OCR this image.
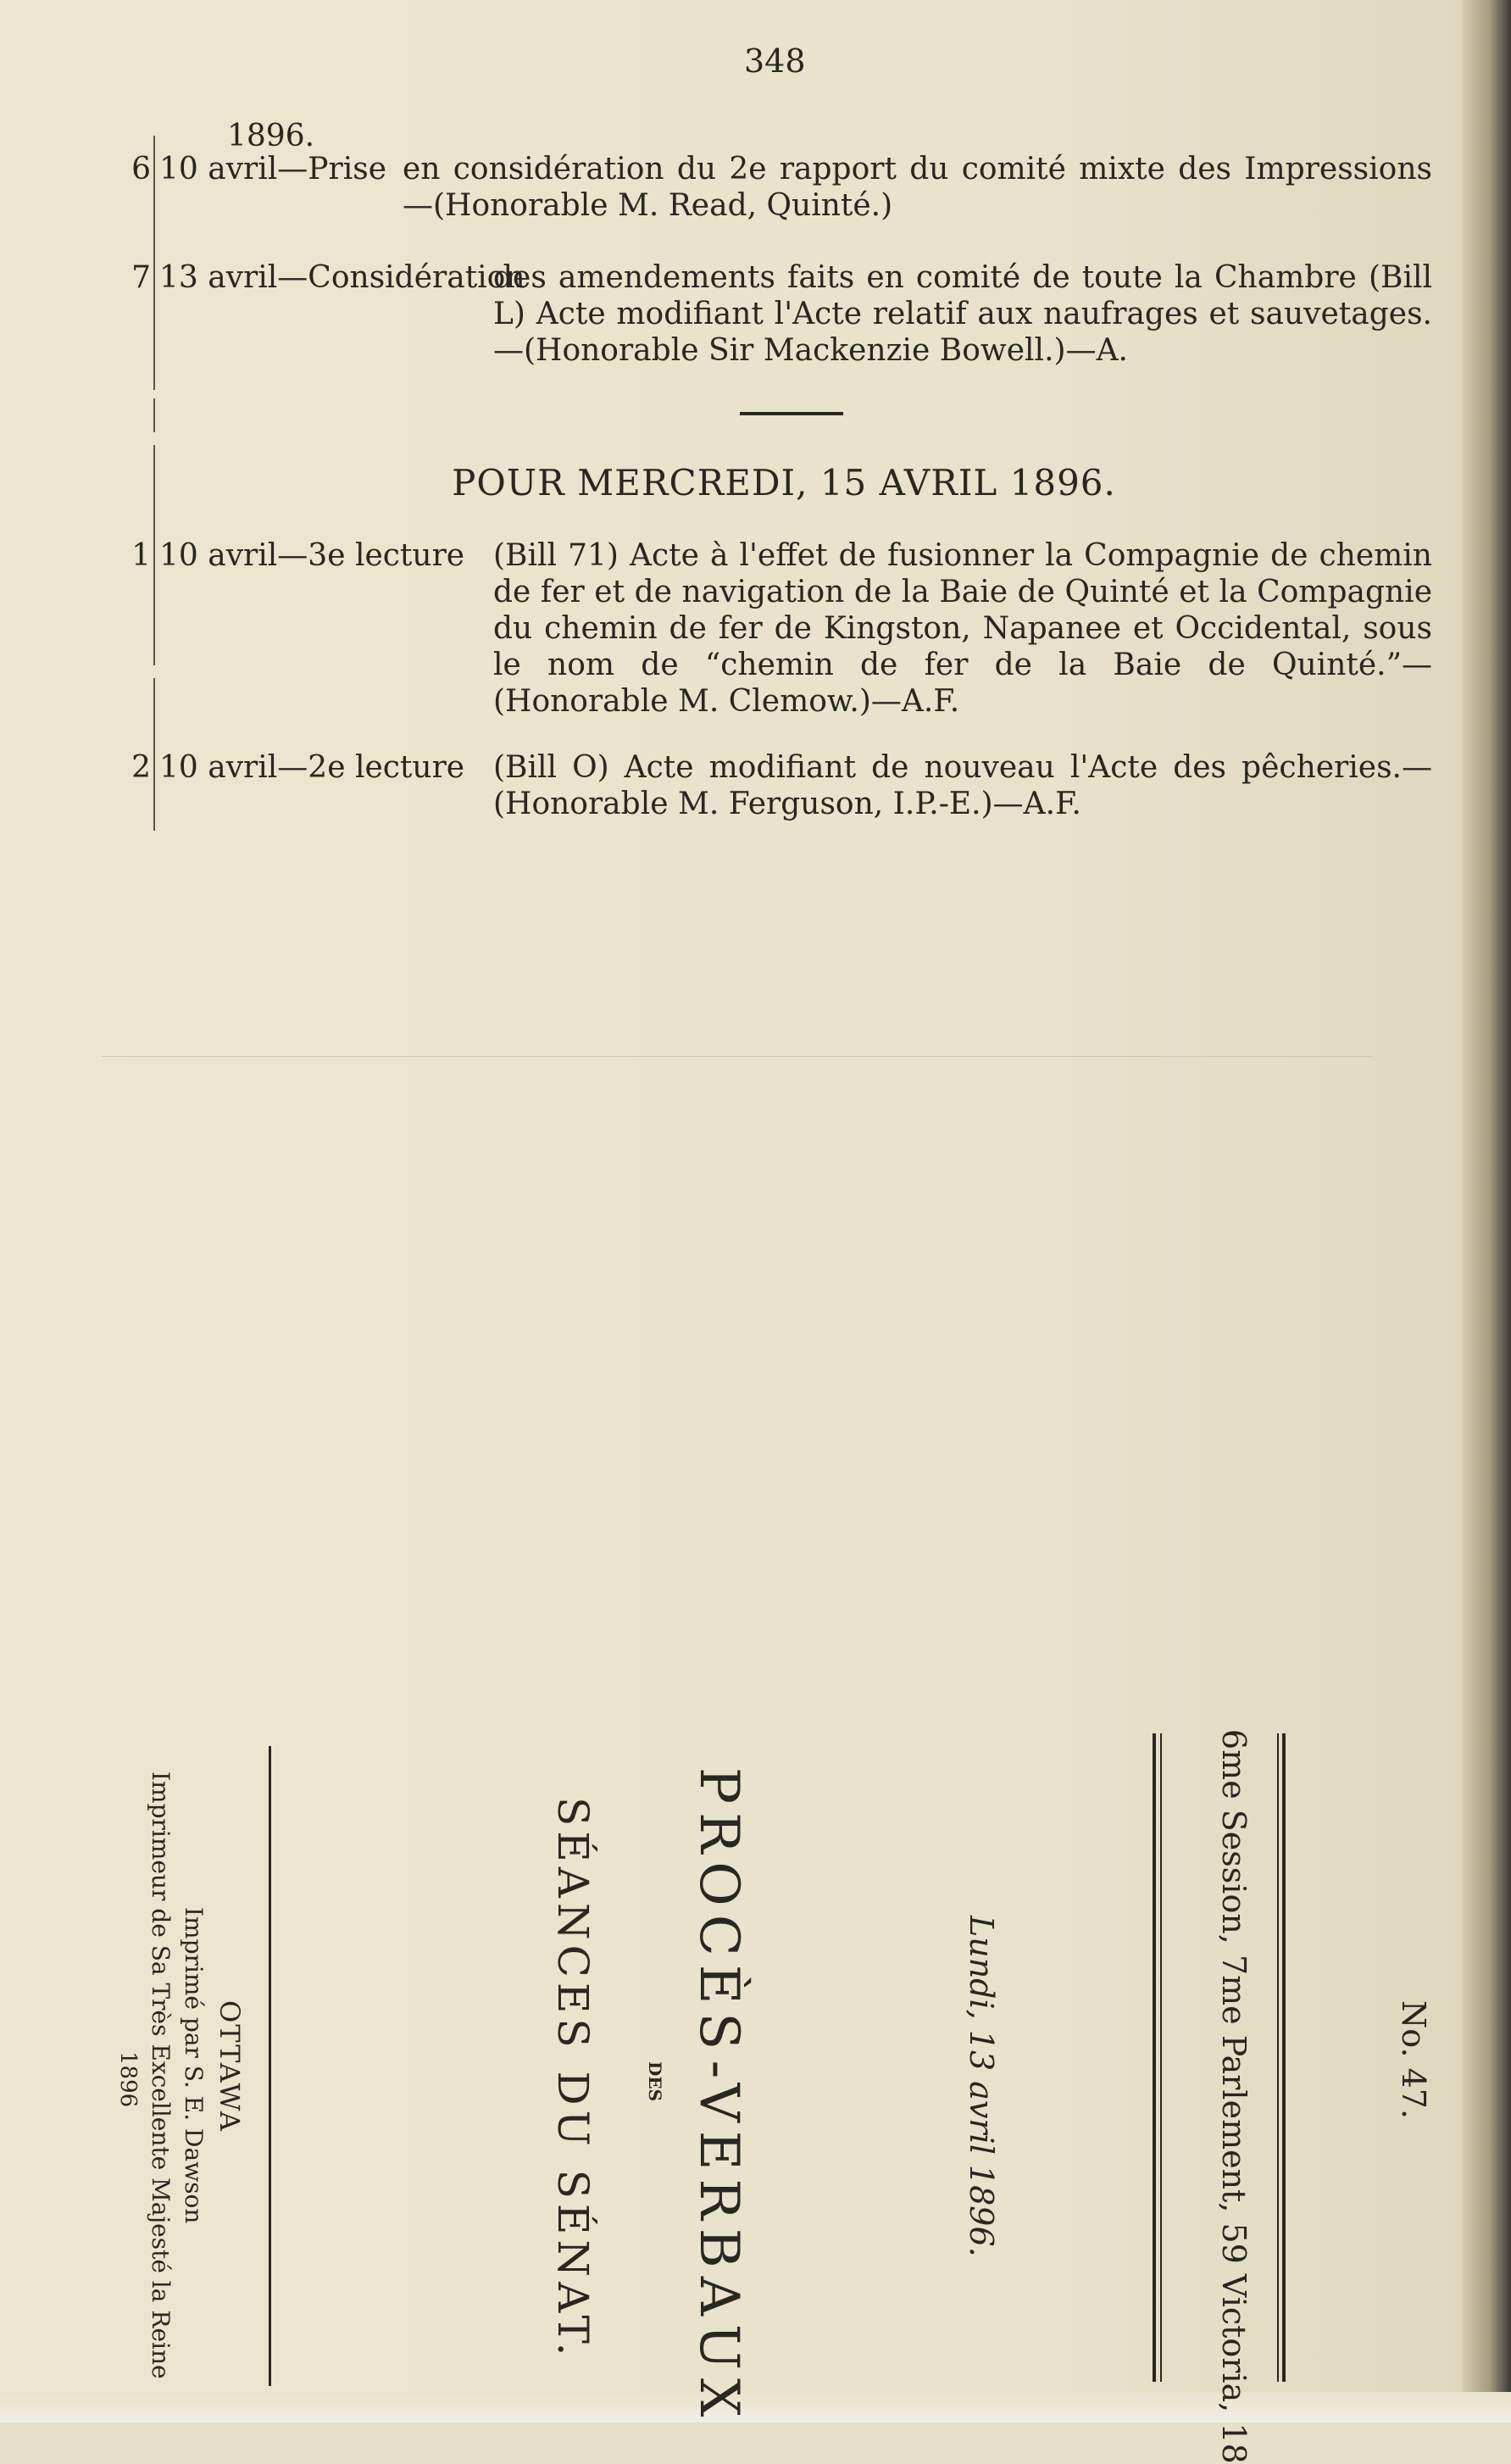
348
1896.
6 10 avril—Prise en considération du 2e rapport du comité mixte des Impressions —(Honorable M. Read, Quinté.)
7 13 avril—Considération
des amendements faits en comité de toute la Chambre (Bill L) Acte modifiant l'Acte relatif aux naufrages et sauvetages.—(Honorable Sir Mackenzie Bowell.)—A.
POUR MERCREDI, 15 AVRIL 1896.
1 10 avril—3e lecture (Bill 71) Acte à l'effet de fusionner la Compagnie de chemin de fer et de navigation de la Baie de Quinté et la Compagnie du chemin de fer de Kingston, Napanee et Occidental, sous le nom de “chemin de fer de la Baie de Quinté.”—(Honorable M. Clemow.)—A.F.
2 10 avril—2e lecture (Bill O) Acte modifiant de nouveau l'Acte des pêcheries.—(Honorable M. Ferguson, I.P.-E.)—A.F.
No. 47.
6me Session, 7me Parlement, 59 Victoria, 18
Lundi, 13 avril 1896.
PROCÈS-VERBAUX
DES
SÉANCES DU SÉNAT.
OTTAWA
Imprimé par S. E. Dawson
Imprimeur de Sa Très Excellente Majesté la Reine
1896
